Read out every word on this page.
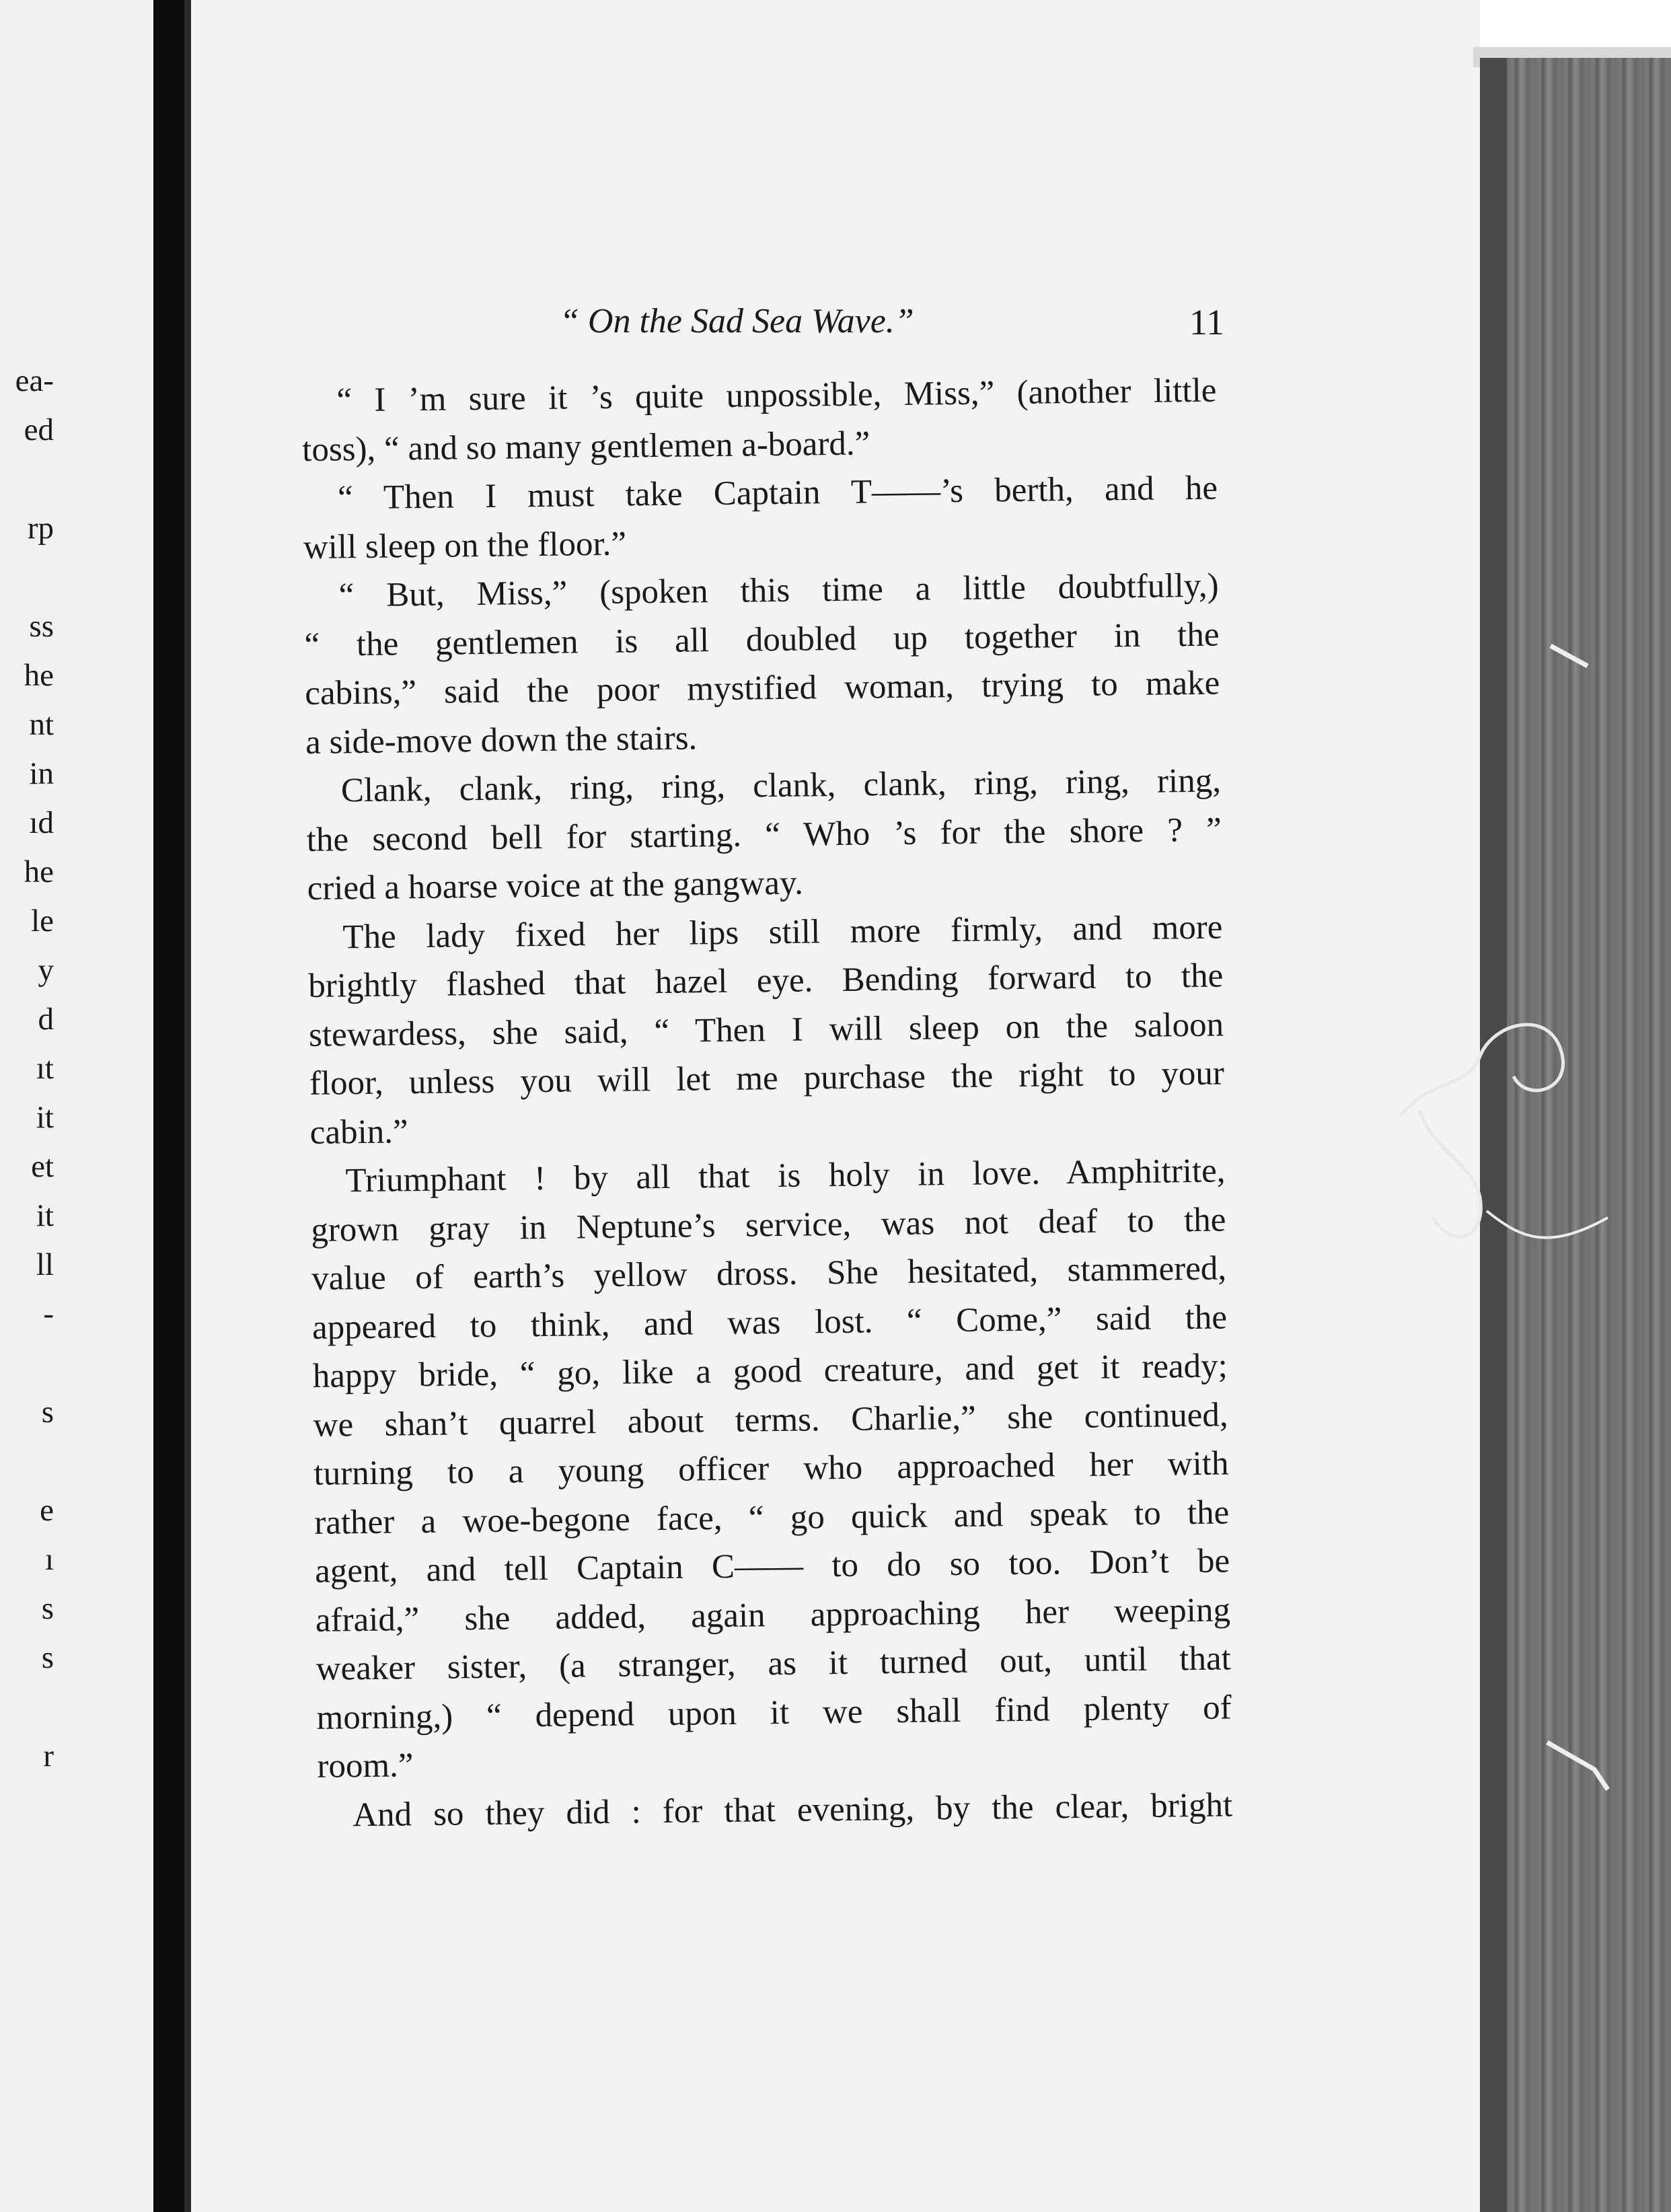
ea-
ed

rp

ss
he
nt
in
ıd
he
le
y
d
ıt
it
et
it
ll
-

s

e
ı
s
s

r
“ On the Sad Sea Wave.”	11
“ I ’m sure it ’s quite unpossible, Miss,” (another little
toss), “ and so many gentlemen a-board.”
“ Then I must take Captain T——’s berth, and he
will sleep on the floor.”
“ But, Miss,” (spoken this time a little doubtfully,)
“ the gentlemen is all doubled up together in the
cabins,” said the poor mystified woman, trying to make
a side-move down the stairs.
Clank, clank, ring, ring, clank, clank, ring, ring, ring,
the second bell for starting. “ Who ’s for the shore ? ”
cried a hoarse voice at the gangway.
The lady fixed her lips still more firmly, and more
brightly flashed that hazel eye. Bending forward to the
stewardess, she said, “ Then I will sleep on the saloon
floor, unless you will let me purchase the right to your
cabin.”
Triumphant ! by all that is holy in love. Amphitrite,
grown gray in Neptune’s service, was not deaf to the
value of earth’s yellow dross. She hesitated, stammered,
appeared to think, and was lost. “ Come,” said the
happy bride, “ go, like a good creature, and get it ready;
we shan’t quarrel about terms. Charlie,” she continued,
turning to a young officer who approached her with
rather a woe-begone face, “ go quick and speak to the
agent, and tell Captain C—— to do so too. Don’t be
afraid,” she added, again approaching her weeping
weaker sister, (a stranger, as it turned out, until that
morning,) “ depend upon it we shall find plenty of
room.”
And so they did : for that evening, by the clear, bright
